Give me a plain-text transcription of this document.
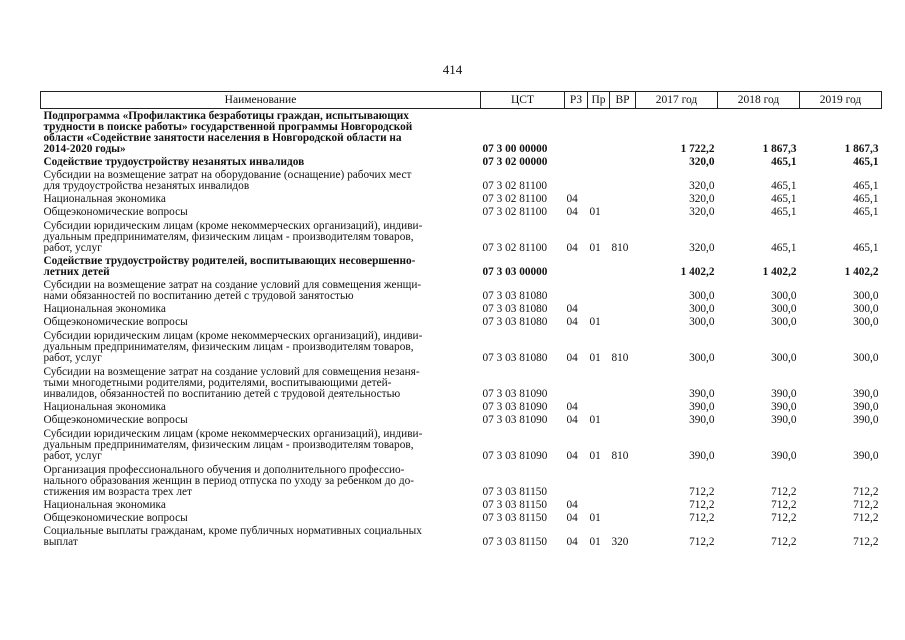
414
Наименование	ЦСТ	РЗ	Пр	ВР	2017 год	2018 год	2019 год

Подпрограмма «Профилактика безработицы граждан, испытывающих
трудности в поиске работы» государственной программы Новгородской
области «Содействие занятости населения в Новгородской области на
2014-2020 годы»	07 3 00 00000				1 722,2	1 867,3	1 867,3

Содействие трудоустройству незанятых инвалидов	07 3 02 00000				320,0	465,1	465,1

Субсидии на возмещение затрат на оборудование (оснащение) рабочих мест
для трудоустройства незанятых инвалидов	07 3 02 81100				320,0	465,1	465,1

Национальная экономика	07 3 02 81100	04			320,0	465,1	465,1

Общеэкономические вопросы	07 3 02 81100	04	01		320,0	465,1	465,1

Субсидии юридическим лицам (кроме некоммерческих организаций), индиви-
дуальным предпринимателям, физическим лицам - производителям товаров,
работ, услуг	07 3 02 81100	04	01	810	320,0	465,1	465,1

Содействие трудоустройству родителей, воспитывающих несовершенно-
летних детей	07 3 03 00000				1 402,2	1 402,2	1 402,2

Субсидии на возмещение затрат на создание условий для совмещения женщи-
нами обязанностей по воспитанию детей с трудовой занятостью	07 3 03 81080				300,0	300,0	300,0

Национальная экономика	07 3 03 81080	04			300,0	300,0	300,0

Общеэкономические вопросы	07 3 03 81080	04	01		300,0	300,0	300,0

Субсидии юридическим лицам (кроме некоммерческих организаций), индиви-
дуальным предпринимателям, физическим лицам - производителям товаров,
работ, услуг	07 3 03 81080	04	01	810	300,0	300,0	300,0

Субсидии на возмещение затрат на создание условий для совмещения незаня-
тыми многодетными родителями, родителями, воспитывающими детей-
инвалидов, обязанностей по воспитанию детей с трудовой деятельностью	07 3 03 81090				390,0	390,0	390,0

Национальная экономика	07 3 03 81090	04			390,0	390,0	390,0

Общеэкономические вопросы	07 3 03 81090	04	01		390,0	390,0	390,0

Субсидии юридическим лицам (кроме некоммерческих организаций), индиви-
дуальным предпринимателям, физическим лицам - производителям товаров,
работ, услуг	07 3 03 81090	04	01	810	390,0	390,0	390,0

Организация профессионального обучения и дополнительного профессио-
нального образования женщин в период отпуска по уходу за ребенком до до-
стижения им возраста трех лет	07 3 03 81150				712,2	712,2	712,2

Национальная экономика	07 3 03 81150	04			712,2	712,2	712,2

Общеэкономические вопросы	07 3 03 81150	04	01		712,2	712,2	712,2

Социальные выплаты гражданам, кроме публичных нормативных социальных
выплат	07 3 03 81150	04	01	320	712,2	712,2	712,2
